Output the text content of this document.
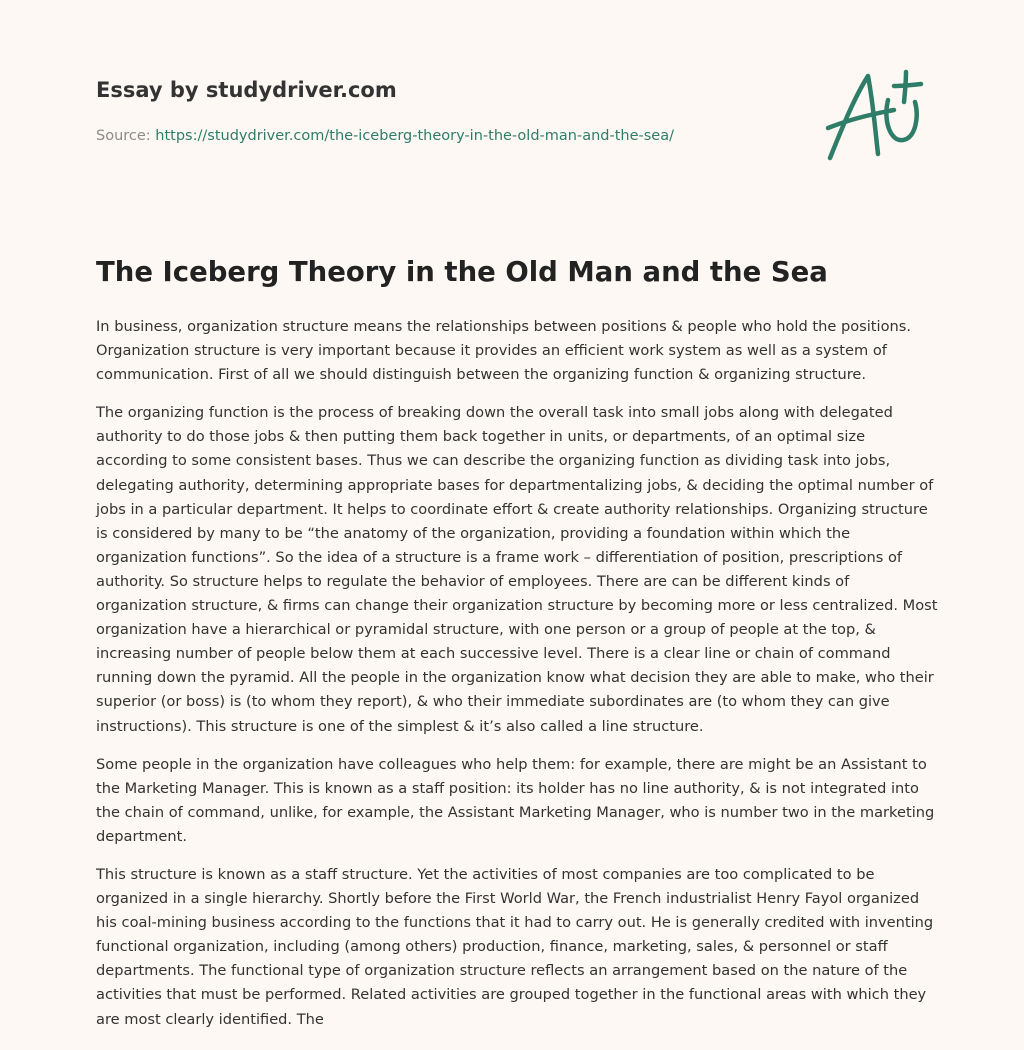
Essay by studydriver.com
Source: https://studydriver.com/the-iceberg-theory-in-the-old-man-and-the-sea/
The Iceberg Theory in the Old Man and the Sea

In business, organization structure means the relationships between positions & people who hold the positions. Organization structure is very important because it provides an efficient work system as well as a system of communication. First of all we should distinguish between the organizing function & organizing structure.

The organizing function is the process of breaking down the overall task into small jobs along with delegated authority to do those jobs & then putting them back together in units, or departments, of an optimal size according to some consistent bases. Thus we can describe the organizing function as dividing task into jobs, delegating authority, determining appropriate bases for departmentalizing jobs, & deciding the optimal number of jobs in a particular department. It helps to coordinate effort & create authority relationships. Organizing structure is considered by many to be “the anatomy of the organization, providing a foundation within which the organization functions”. So the idea of a structure is a frame work – differentiation of position, prescriptions of authority. So structure helps to regulate the behavior of employees. There are can be different kinds of organization structure, & firms can change their organization structure by becoming more or less centralized. Most organization have a hierarchical or pyramidal structure, with one person or a group of people at the top, & increasing number of people below them at each successive level. There is a clear line or chain of command running down the pyramid. All the people in the organization know what decision they are able to make, who their superior (or boss) is (to whom they report), & who their immediate subordinates are (to whom they can give instructions). This structure is one of the simplest & it’s also called a line structure.

Some people in the organization have colleagues who help them: for example, there are might be an Assistant to the Marketing Manager. This is known as a staff position: its holder has no line authority, & is not integrated into the chain of command, unlike, for example, the Assistant Marketing Manager, who is number two in the marketing department.

This structure is known as a staff structure. Yet the activities of most companies are too complicated to be organized in a single hierarchy. Shortly before the First World War, the French industrialist Henry Fayol organized his coal-mining business according to the functions that it had to carry out. He is generally credited with inventing functional organization, including (among others) production, finance, marketing, sales, & personnel or staff departments. The functional type of organization structure reflects an arrangement based on the nature of the activities that must be performed. Related activities are grouped together in the functional areas with which they are most clearly identified. The
